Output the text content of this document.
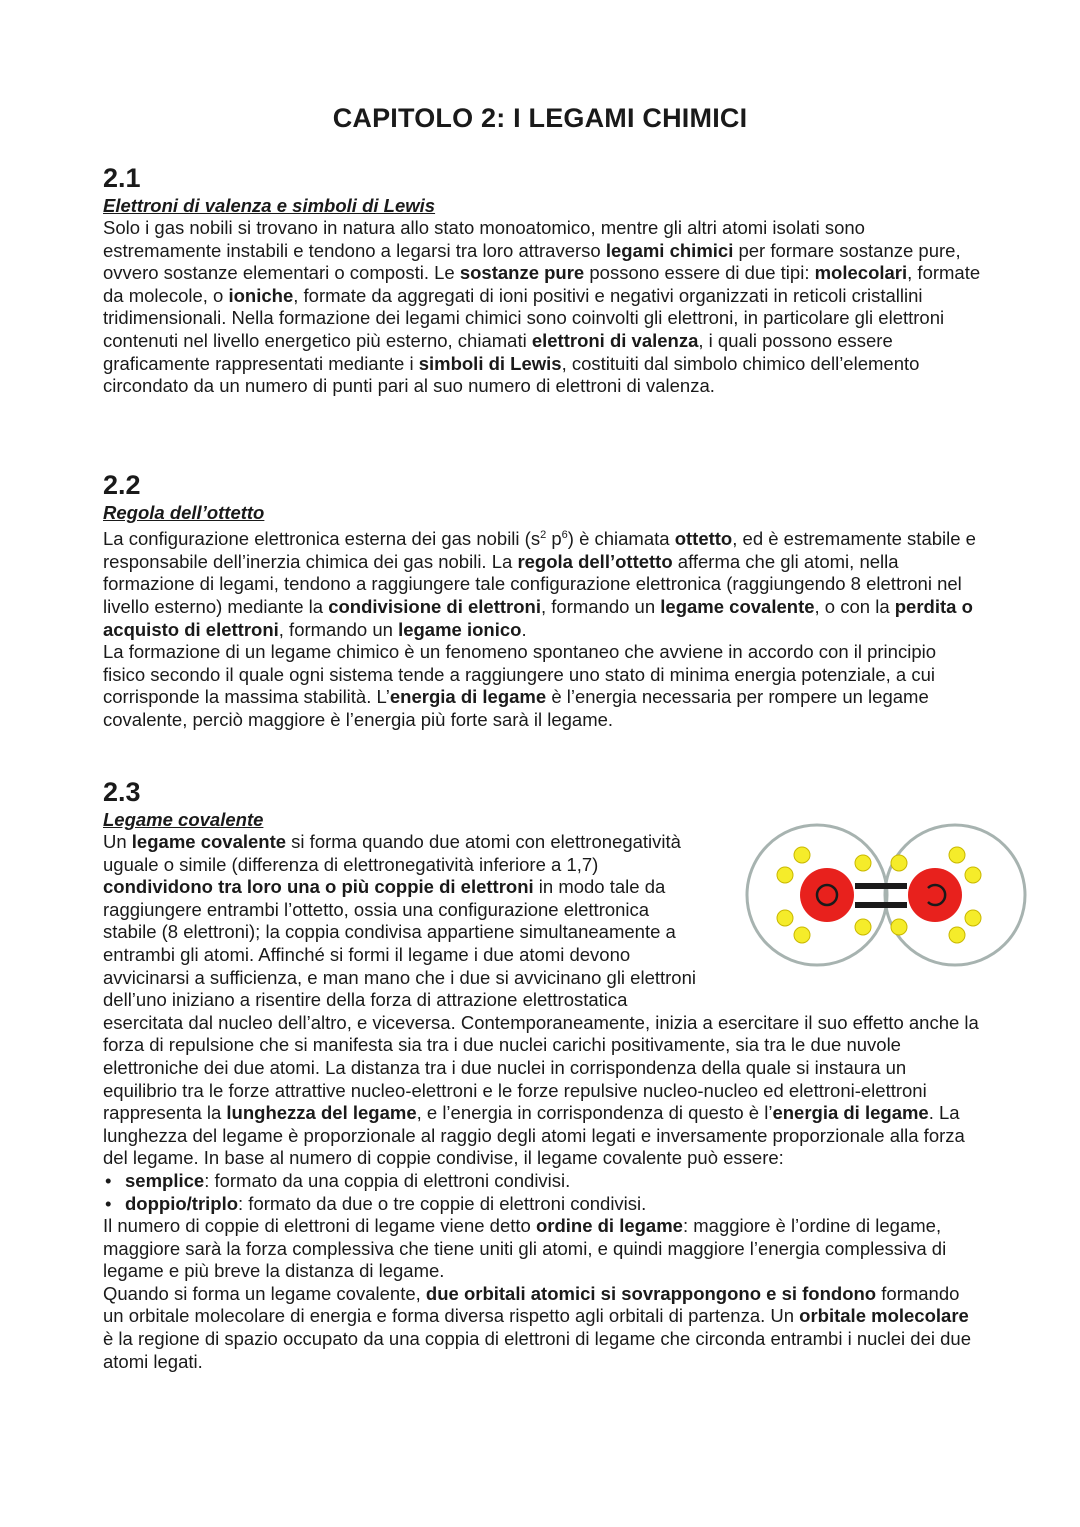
CAPITOLO 2: I LEGAMI CHIMICI
2.1
Elettroni di valenza e simboli di Lewis

Solo i gas nobili si trovano in natura allo stato monoatomico, mentre gli altri atomi isolati sono estremamente instabili e tendono a legarsi tra loro attraverso legami chimici per formare sostanze pure, ovvero sostanze elementari o composti. Le sostanze pure possono essere di due tipi: molecolari, formate da molecole, o ioniche, formate da aggregati di ioni positivi e negativi organizzati in reticoli cristallini tridimensionali. Nella formazione dei legami chimici sono coinvolti gli elettroni, in particolare gli elettroni contenuti nel livello energetico più esterno, chiamati elettroni di valenza, i quali possono essere graficamente rappresentati mediante i simboli di Lewis, costituiti dal simbolo chimico dell’elemento circondato da un numero di punti pari al suo numero di elettroni di valenza.

2.2
Regola dell’ottetto

La configurazione elettronica esterna dei gas nobili ($s^2$ $p^6$) è chiamata ottetto, ed è estremamente stabile e responsabile dell’inerzia chimica dei gas nobili. La regola dell’ottetto afferma che gli atomi, nella formazione di legami, tendono a raggiungere tale configurazione elettronica (raggiungendo 8 elettroni nel livello esterno) mediante la condivisione di elettroni, formando un legame covalente, o con la perdita o acquisto di elettroni, formando un legame ionico.

La formazione di un legame chimico è un fenomeno spontaneo che avviene in accordo con il principio fisico secondo il quale ogni sistema tende a raggiungere uno stato di minima energia potenziale, a cui corrisponde la massima stabilità. L’energia di legame è l’energia necessaria per rompere un legame covalente, perciò maggiore è l’energia più forte sarà il legame.

2.3
Legame covalente

Un legame covalente si forma quando due atomi con elettronegatività uguale o simile (differenza di elettronegatività inferiore a 1,7) condividono tra loro una o più coppie di elettroni in modo tale da raggiungere entrambi l’ottetto, ossia una configurazione elettronica stabile (8 elettroni); la coppia condivisa appartiene simultaneamente a entrambi gli atomi. Affinché si formi il legame i due atomi devono avvicinarsi a sufficienza, e man mano che i due si avvicinano gli elettroni dell’uno iniziano a risentire della forza di attrazione elettrostatica esercitata dal nucleo dell’altro, e viceversa. Contemporaneamente, inizia a esercitare il suo effetto anche la forza di repulsione che si manifesta sia tra i due nuclei carichi positivamente, sia tra le due nuvole elettroniche dei due atomi. La distanza tra i due nuclei in corrispondenza della quale si instaura un equilibrio tra le forze attrattive nucleo-elettroni e le forze repulsive nucleo-nucleo ed elettroni-elettroni rappresenta la lunghezza del legame, e l’energia in corrispondenza di questo è l’energia di legame. La lunghezza del legame è proporzionale al raggio degli atomi legati e inversamente proporzionale alla forza del legame. In base al numero di coppie condivise, il legame covalente può essere:

• semplice: formato da una coppia di elettroni condivisi.
• doppio/triplo: formato da due o tre coppie di elettroni condivisi.

Il numero di coppie di elettroni di legame viene detto ordine di legame: maggiore è l’ordine di legame, maggiore sarà la forza complessiva che tiene uniti gli atomi, e quindi maggiore l’energia complessiva di legame e più breve la distanza di legame.

Quando si forma un legame covalente, due orbitali atomici si sovrappongono e si fondono formando un orbitale molecolare di energia e forma diversa rispetto agli orbitali di partenza. Un orbitale molecolare è la regione di spazio occupato da una coppia di elettroni di legame che circonda entrambi i nuclei dei due atomi legati.

O	O
